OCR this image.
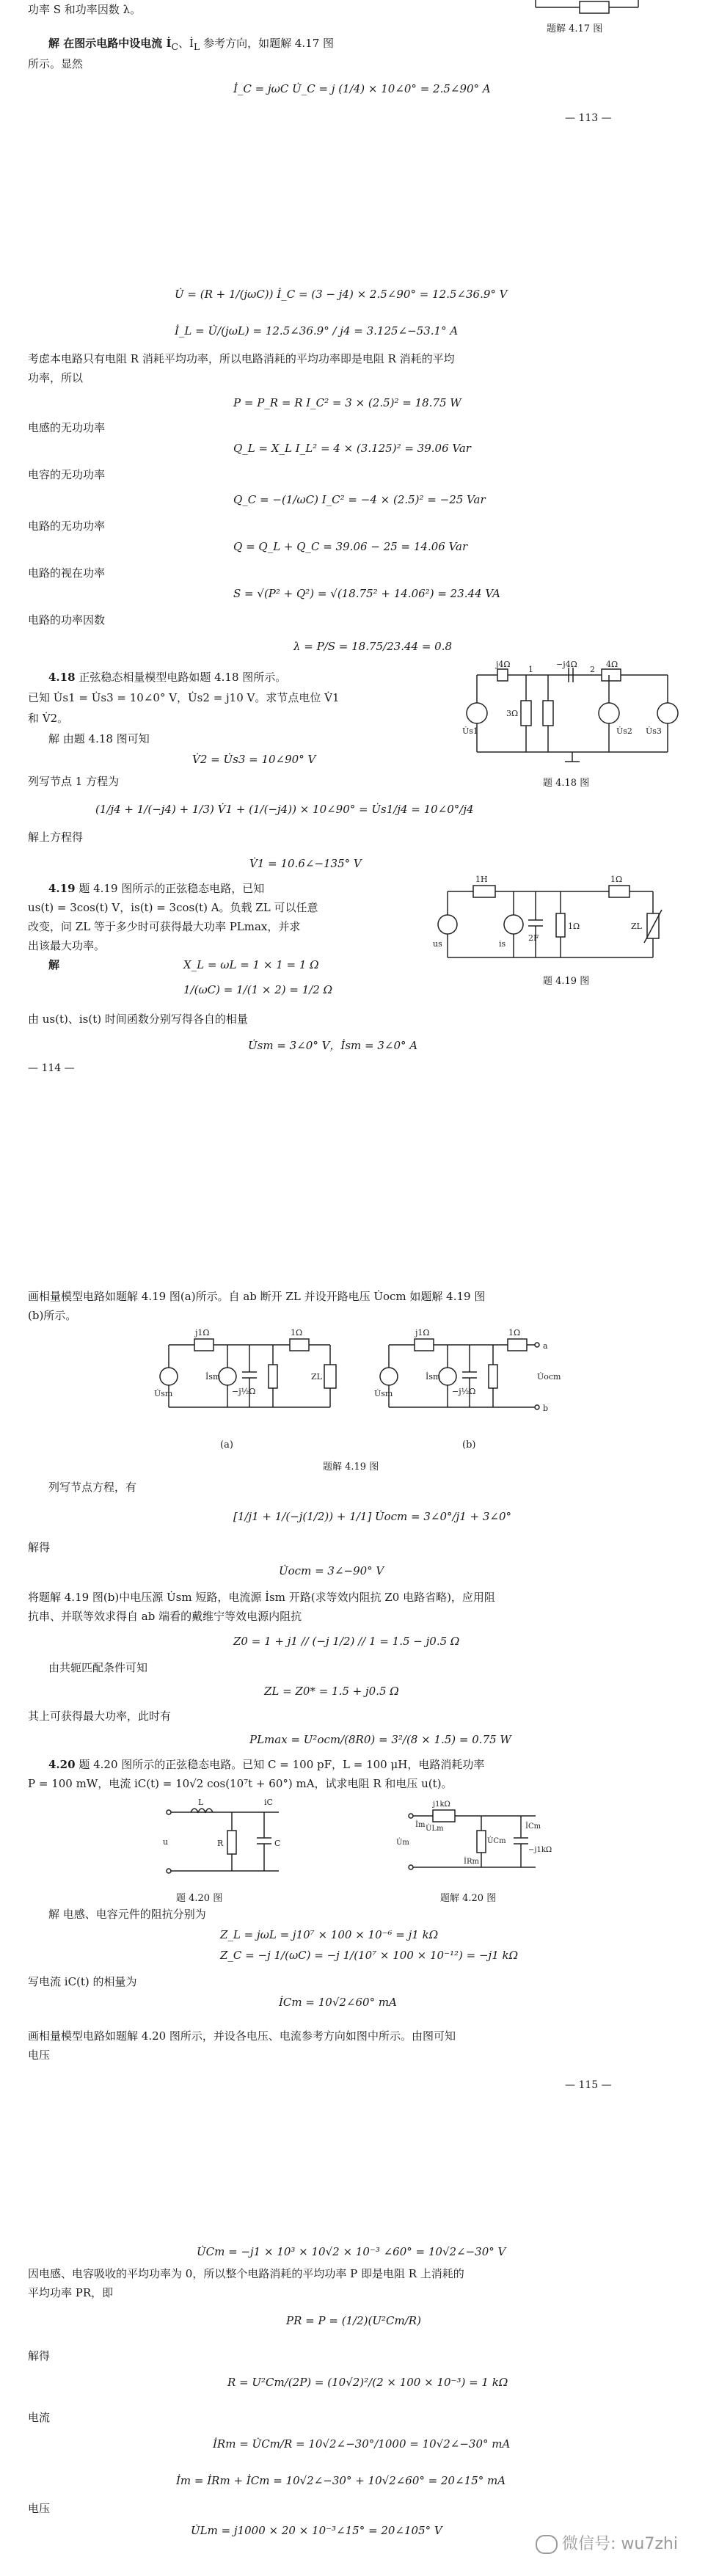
功率 S 和功率因数 λ。
题解 4.17 图
解 在图示电路中设电流 $İ_C$、$İ_L$ 参考方向，如题解 4.17 图
所示。显然
İ_C = jωC U̇_C = j (1/4) × 10∠0° = 2.5∠90° A
— 113 —
U̇ = (R + 1/(jωC)) İ_C = (3 − j4) × 2.5∠90° = 12.5∠36.9° V
İ_L = U̇/(jωL) = 12.5∠36.9° / j4 = 3.125∠−53.1° A
考虑本电路只有电阻 R 消耗平均功率，所以电路消耗的平均功率即是电阻 R 消耗的平均
功率，所以
P = P_R = R I_C² = 3 × (2.5)² = 18.75 W
电感的无功功率
Q_L = X_L I_L² = 4 × (3.125)² = 39.06 Var
电容的无功功率
Q_C = −(1/ωC) I_C² = −4 × (2.5)² = −25 Var
电路的无功功率
Q = Q_L + Q_C = 39.06 − 25 = 14.06 Var
电路的视在功率
S = √(P² + Q²) = √(18.75² + 14.06²) = 23.44 VA
电路的功率因数
λ = P/S = 18.75/23.44 = 0.8
4.18 正弦稳态相量模型电路如题 4.18 图所示。
已知 U̇s1 = U̇s3 = 10∠0° V，U̇s2 = j10 V。求节点电位 V̇1
和 V̇2。
解 由题 4.18 图可知
V̇2 = U̇s3 = 10∠90° V
列写节点 1 方程为
(1/j4 + 1/(−j4) + 1/3) V̇1 + (1/(−j4)) × 10∠90° = U̇s1/j4 = 10∠0°/j4
解上方程得
V̇1 = 10.6∠−135° V
j4Ω	−j4Ω	4Ω
3Ω
U̇s1	U̇s2 U̇s3
1	2
题 4.18 图
4.19 题 4.19 图所示的正弦稳态电路，已知
us(t) = 3cos(t) V，is(t) = 3cos(t) A。负载 ZL 可以任意
改变，问 ZL 等于多少时可获得最大功率 PLmax，并求
出该最大功率。
解	X_L = ωL = 1 × 1 = 1 Ω
1/(ωC) = 1/(1 × 2) = 1/2 Ω
由 us(t)、is(t) 时间函数分别写得各自的相量
U̇sm = 3∠0° V，İsm = 3∠0° A
1H	1Ω
2F
1Ω
us	is
ZL
题 4.19 图
— 114 —
画相量模型电路如题解 4.19 图(a)所示。自 ab 断开 ZL 并设开路电压 U̇ocm 如题解 4.19 图
(b)所示。
j1Ω	1Ω
−j½Ω
U̇sm
İsm	ZL
(a)
j1Ω	1Ω
−j½Ω
U̇sm
İsm
a
b
U̇ocm
(b)
题解 4.19 图
列写节点方程，有
[1/j1 + 1/(−j(1/2)) + 1/1] U̇ocm = 3∠0°/j1 + 3∠0°
解得
U̇ocm = 3∠−90° V
将题解 4.19 图(b)中电压源 U̇sm 短路，电流源 İsm 开路(求等效内阻抗 Z0 电路省略)，应用阻
抗串、并联等效求得自 ab 端看的戴维宁等效电源内阻抗
Z0 = 1 + j1 // (−j 1/2) // 1 = 1.5 − j0.5 Ω
由共轭匹配条件可知
ZL = Z0* = 1.5 + j0.5 Ω
其上可获得最大功率，此时有
PLmax = U²ocm/(8R0) = 3²/(8 × 1.5) = 0.75 W
4.20 题 4.20 图所示的正弦稳态电路。已知 C = 100 pF，L = 100 μH，电路消耗功率
P = 100 mW，电流 iC(t) = 10√2 cos(10⁷t + 60°) mA，试求电阻 R 和电压 u(t)。
L	iC
R	C
u
题 4.20 图
j1kΩ
U̇Lm
U̇Cm
−j1kΩ
U̇m
İm	İCm
İRm
题解 4.20 图
解 电感、电容元件的阻抗分别为
Z_L = jωL = j10⁷ × 100 × 10⁻⁶ = j1 kΩ
Z_C = −j 1/(ωC) = −j 1/(10⁷ × 100 × 10⁻¹²) = −j1 kΩ
写电流 iC(t) 的相量为
İCm = 10√2∠60° mA
画相量模型电路如题解 4.20 图所示，并设各电压、电流参考方向如图中所示。由图可知
电压
— 115 —
U̇Cm = −j1 × 10³ × 10√2 × 10⁻³ ∠60° = 10√2∠−30° V
因电感、电容吸收的平均功率为 0，所以整个电路消耗的平均功率 P 即是电阻 R 上消耗的
平均功率 PR，即
PR = P = (1/2)(U²Cm/R)
解得
R = U²Cm/(2P) = (10√2)²/(2 × 100 × 10⁻³) = 1 kΩ
电流
İRm = U̇Cm/R = 10√2∠−30°/1000 = 10√2∠−30° mA
İm = İRm + İCm = 10√2∠−30° + 10√2∠60° = 20∠15° mA
电压
U̇Lm = j1000 × 20 × 10⁻³∠15° = 20∠105° V
微信号: wu7zhi
